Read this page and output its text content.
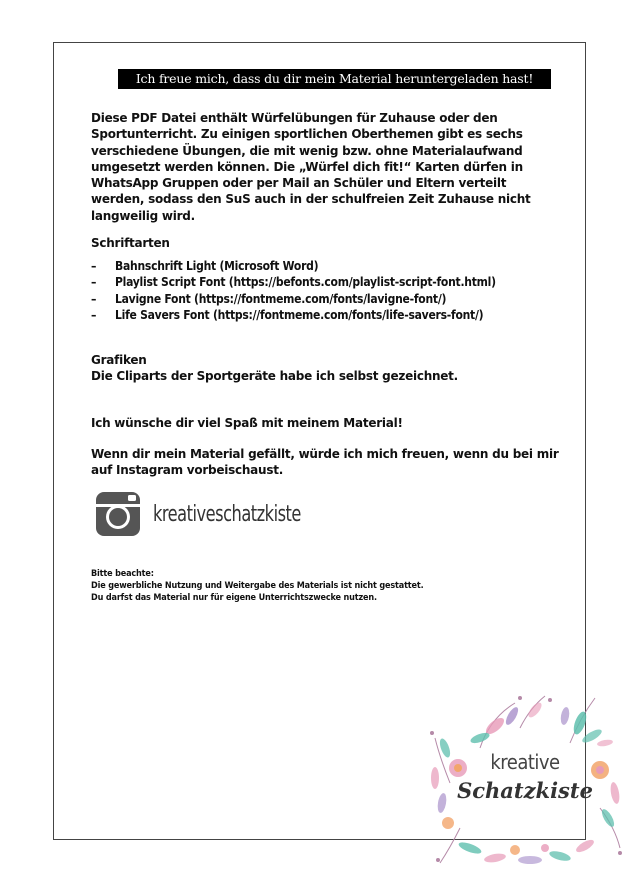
Ich freue mich, dass du dir mein Material heruntergeladen hast!
Diese PDF Datei enthält Würfelübungen für Zuhause oder den Sportunterricht. Zu einigen sportlichen Oberthemen gibt es sechs verschiedene Übungen, die mit wenig bzw. ohne Materialaufwand umgesetzt werden können. Die „Würfel dich fit!“ Karten dürfen in WhatsApp Gruppen oder per Mail an Schüler und Eltern verteilt werden, sodass den SuS auch in der schulfreien Zeit Zuhause nicht langweilig wird.
Schriftarten
–	Bahnschrift Light (Microsoft Word)
–	Playlist Script Font (https://befonts.com/playlist-script-font.html)
–	Lavigne Font (https://fontmeme.com/fonts/lavigne-font/)
–	Life Savers Font (https://fontmeme.com/fonts/life-savers-font/)
Grafiken
Die Cliparts der Sportgeräte habe ich selbst gezeichnet.
Ich wünsche dir viel Spaß mit meinem Material!
Wenn dir mein Material gefällt, würde ich mich freuen, wenn du bei mir auf Instagram vorbeischaust.
kreativeschatzkiste
Bitte beachte:
Die gewerbliche Nutzung und Weitergabe des Materials ist nicht gestattet.
Du darfst das Material nur für eigene Unterrichtszwecke nutzen.
kreative
Schatzkiste
